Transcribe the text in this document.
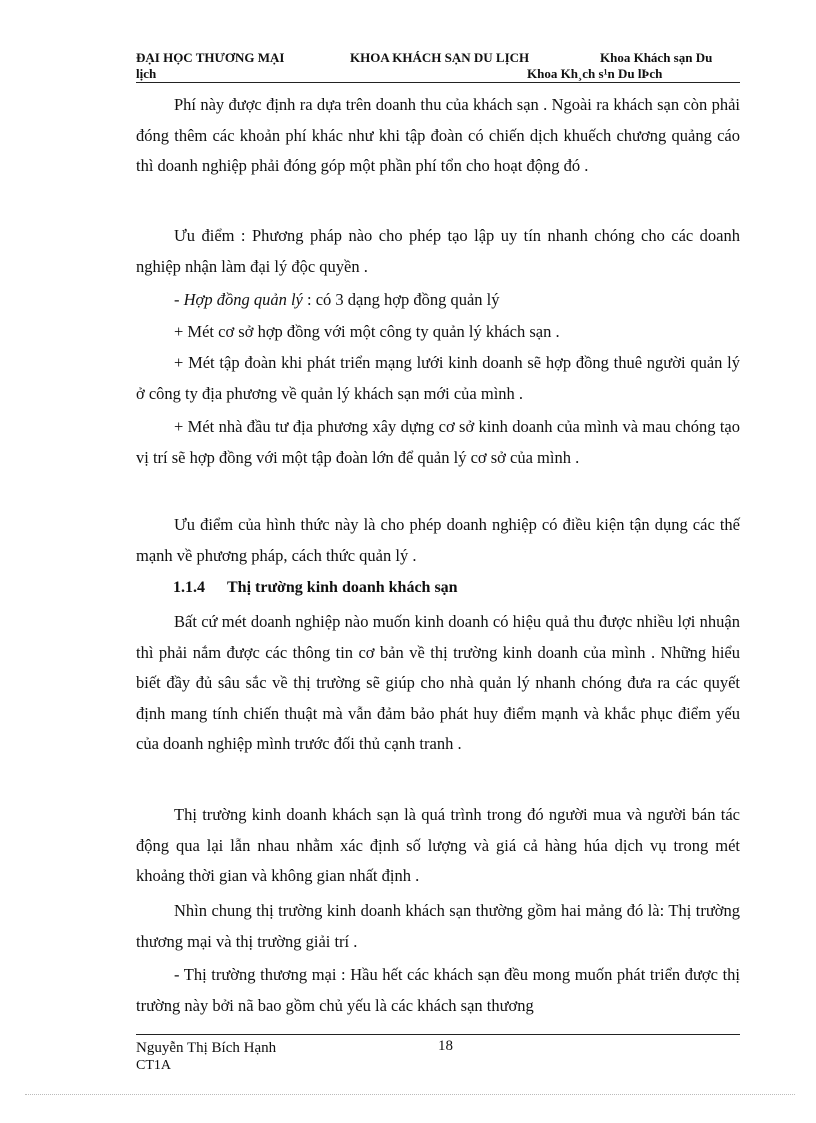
ĐẠI HỌC THƯƠNG MẠI	KHOA KHÁCH SẠN DU LỊCH	Khoa Khách sạn Du
lịch	Khoa Kh¸ch s¹n Du lÞch

Phí này được định ra dựa trên doanh thu của khách sạn . Ngoài ra khách sạn còn phải đóng thêm các khoản phí khác như khi tập đoàn có chiến dịch khuếch chương quảng cáo thì doanh nghiệp phải đóng góp một phần phí tổn cho hoạt động đó .

Ưu điểm : Phương pháp nào cho phép tạo lập uy tín nhanh chóng cho các doanh nghiệp nhận làm đại lý độc quyền .

- Hợp đồng quản lý : có 3 dạng hợp đồng quản lý

+ Mét cơ sở hợp đồng với một công ty quản lý khách sạn .

+ Mét tập đoàn khi phát triển mạng lưới kinh doanh sẽ hợp đồng thuê người quản lý ở công ty địa phương về quản lý khách sạn mới của mình .

+ Mét nhà đầu tư địa phương xây dựng cơ sở kinh doanh của mình và mau chóng tạo vị trí sẽ hợp đồng với một tập đoàn lớn để quản lý cơ sở của mình .

Ưu điểm của hình thức này là cho phép doanh nghiệp có điều kiện tận dụng các thế mạnh về phương pháp, cách thức quản lý .

1.1.4 Thị trường kinh doanh khách sạn

Bất cứ mét doanh nghiệp nào muốn kinh doanh có hiệu quả thu được nhiều lợi nhuận thì phải nắm được các thông tin cơ bản về thị trường kinh doanh của mình . Những hiểu biết đầy đủ sâu sắc về thị trường sẽ giúp cho nhà quản lý nhanh chóng đưa ra các quyết định mang tính chiến thuật mà vẫn đảm bảo phát huy điểm mạnh và khắc phục điểm yếu của doanh nghiệp mình trước đối thủ cạnh tranh .

Thị trường kinh doanh khách sạn là quá trình trong đó người mua và người bán tác động qua lại lẫn nhau nhằm xác định số lượng và giá cả hàng húa dịch vụ trong mét khoảng thời gian và không gian nhất định .

Nhìn chung thị trường kinh doanh khách sạn thường gồm hai mảng đó là: Thị trường thương mại và thị trường giải trí .

- Thị trường thương mại : Hầu hết các khách sạn đều mong muốn phát triển được thị trường này bởi nã bao gồm chủ yếu là các khách sạn thương

Nguyễn Thị Bích Hạnh	18
CT1A
